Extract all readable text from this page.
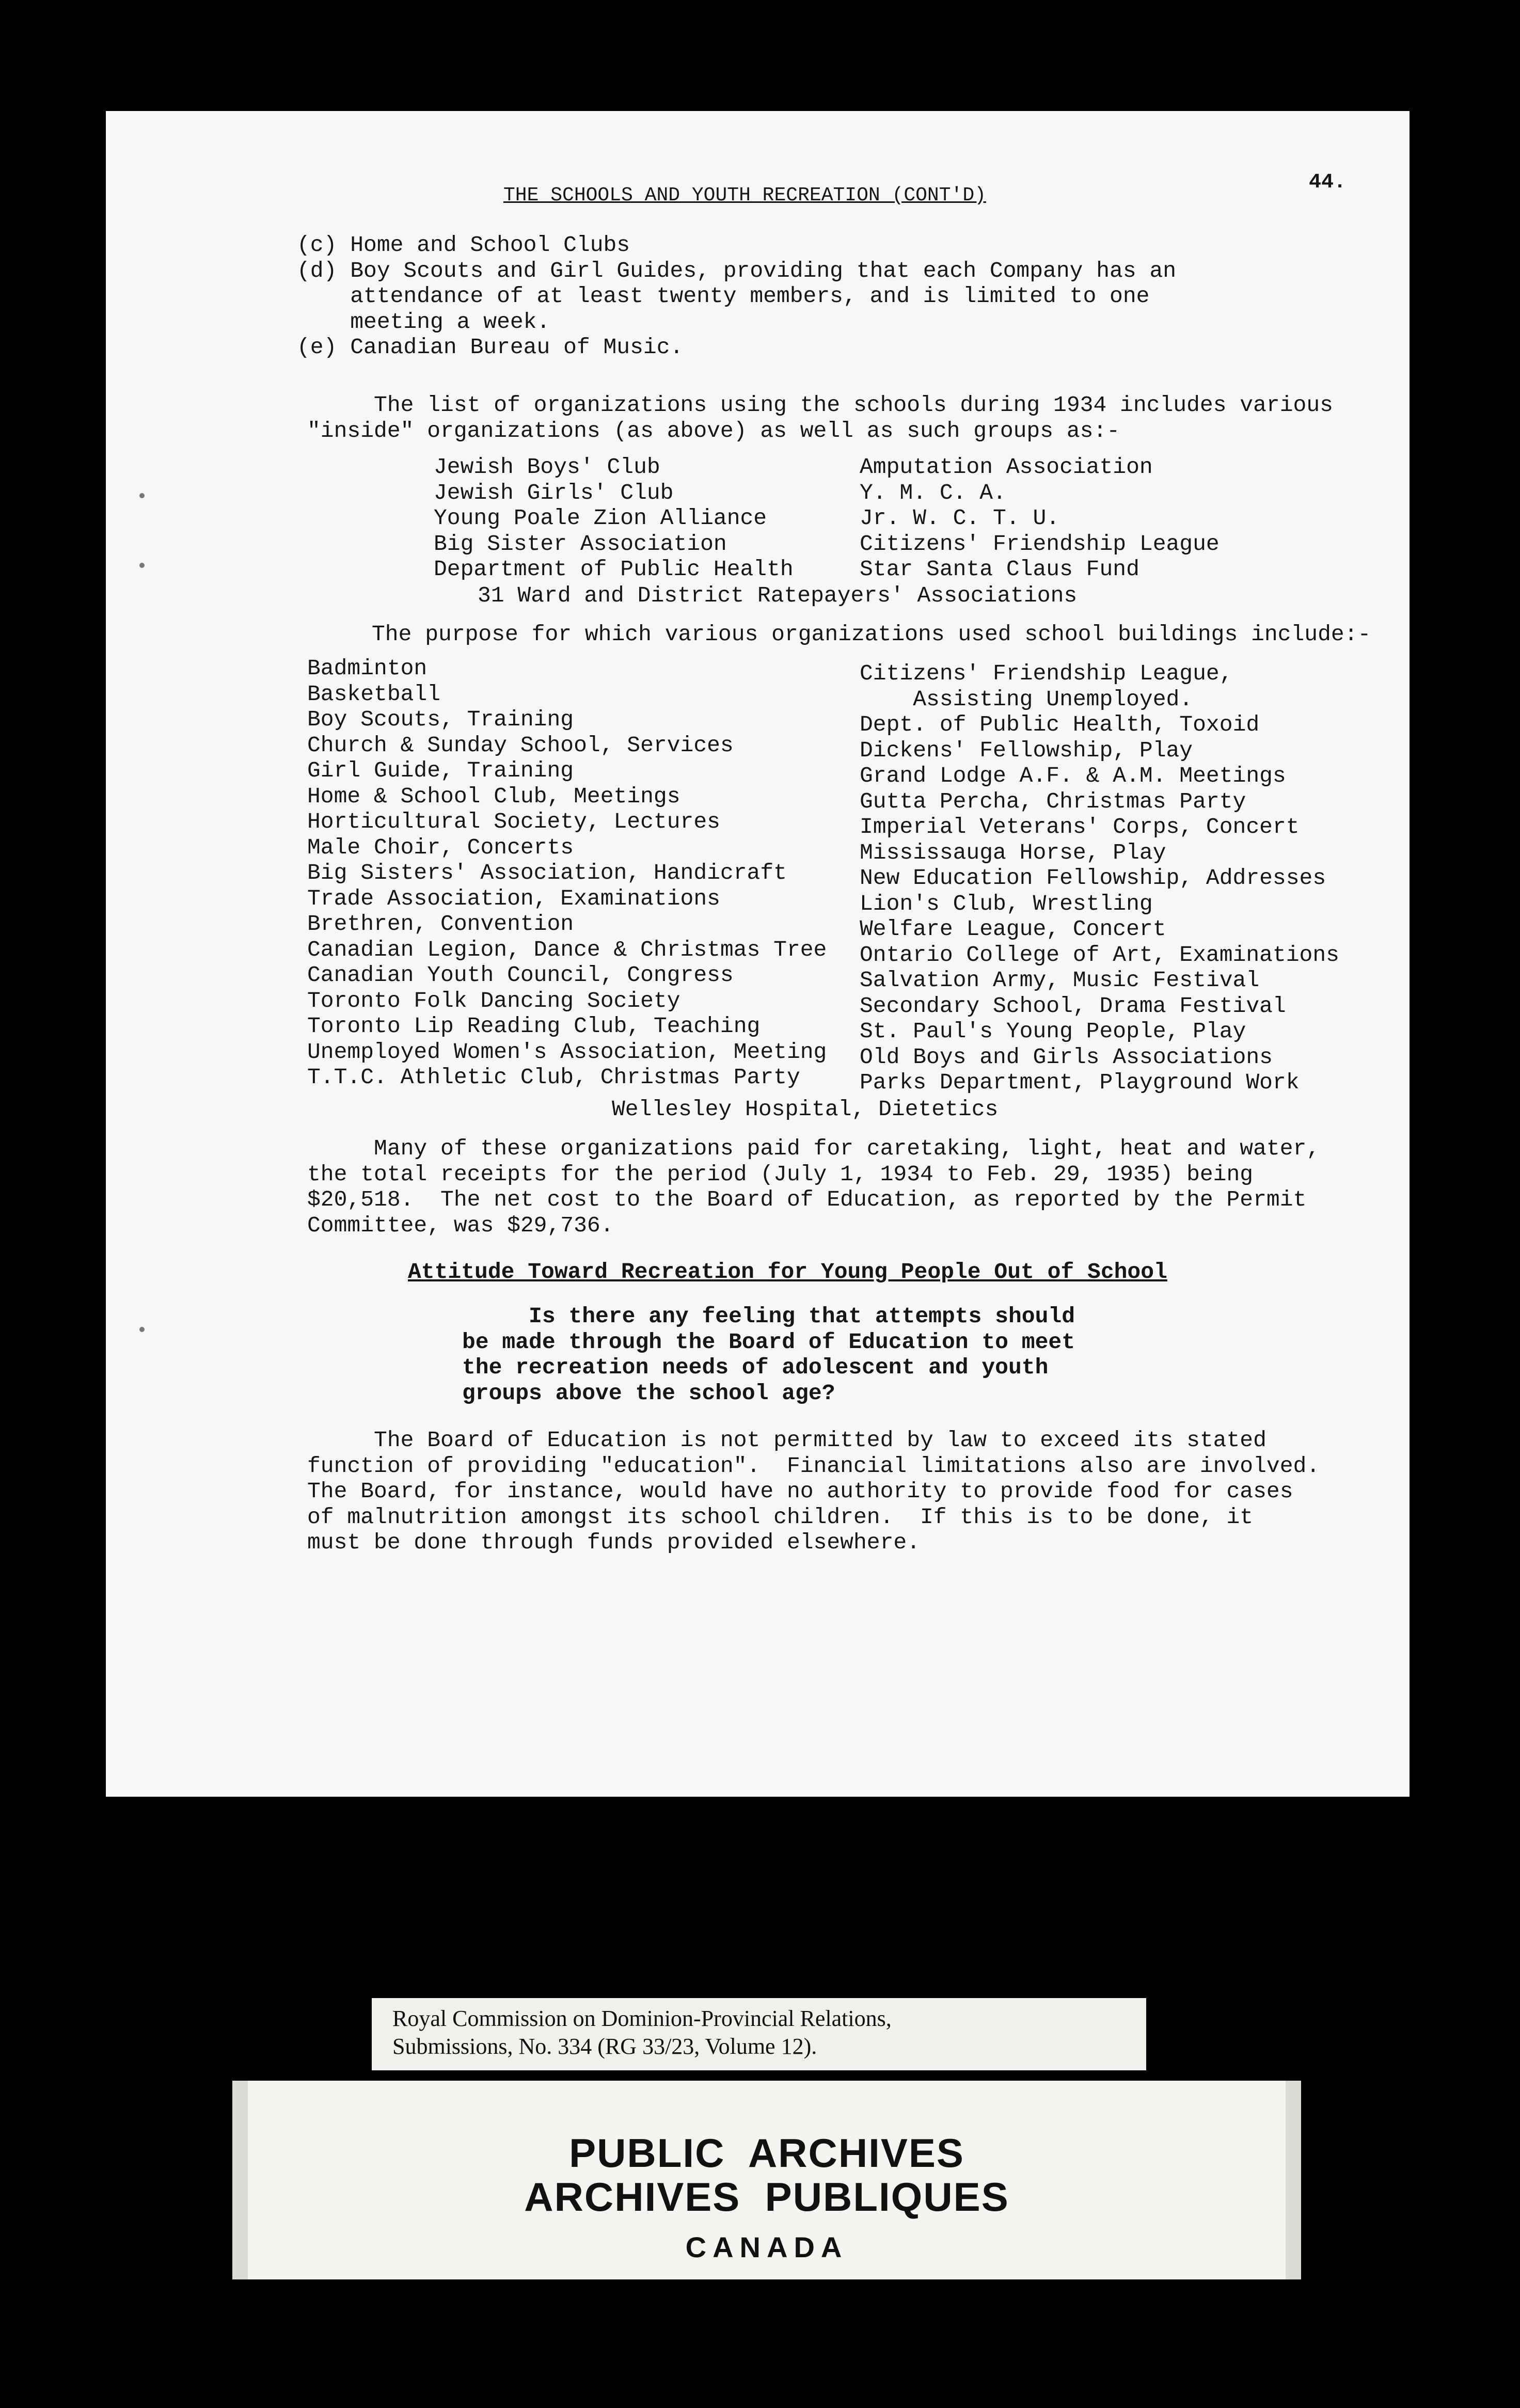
THE SCHOOLS AND YOUTH RECREATION (CONT'D)
44.
(c) Home and School Clubs
(d) Boy Scouts and Girl Guides, providing that each Company has an
attendance of at least twenty members, and is limited to one
meeting a week.
(e) Canadian Bureau of Music.

The list of organizations using the schools during 1934 includes various
"inside" organizations (as above) as well as such groups as:-

Jewish Boys' Club
Jewish Girls' Club
Young Poale Zion Alliance
Big Sister Association
Department of Public Health
Amputation Association
Y. M. C. A.
Jr. W. C. T. U.
Citizens' Friendship League
Star Santa Claus Fund
31 Ward and District Ratepayers' Associations
The purpose for which various organizations used school buildings include:-
Badminton
Basketball
Boy Scouts, Training
Church & Sunday School, Services
Girl Guide, Training
Home & School Club, Meetings
Horticultural Society, Lectures
Male Choir, Concerts
Big Sisters' Association, Handicraft
Trade Association, Examinations
Brethren, Convention
Canadian Legion, Dance & Christmas Tree
Canadian Youth Council, Congress
Toronto Folk Dancing Society
Toronto Lip Reading Club, Teaching
Unemployed Women's Association, Meeting
T.T.C. Athletic Club, Christmas Party
Citizens' Friendship League,
Assisting Unemployed.
Dept. of Public Health, Toxoid
Dickens' Fellowship, Play
Grand Lodge A.F. & A.M. Meetings
Gutta Percha, Christmas Party
Imperial Veterans' Corps, Concert
Mississauga Horse, Play
New Education Fellowship, Addresses
Lion's Club, Wrestling
Welfare League, Concert
Ontario College of Art, Examinations
Salvation Army, Music Festival
Secondary School, Drama Festival
St. Paul's Young People, Play
Old Boys and Girls Associations
Parks Department, Playground Work
Wellesley Hospital, Dietetics

Many of these organizations paid for caretaking, light, heat and water,
the total receipts for the period (July 1, 1934 to Feb. 29, 1935) being
$20,518.  The net cost to the Board of Education, as reported by the Permit
Committee, was $29,736.

Attitude Toward Recreation for Young People Out of School

Is there any feeling that attempts should
be made through the Board of Education to meet
the recreation needs of adolescent and youth
groups above the school age?

The Board of Education is not permitted by law to exceed its stated
function of providing "education".  Financial limitations also are involved.
The Board, for instance, would have no authority to provide food for cases
of malnutrition amongst its school children.  If this is to be done, it
must be done through funds provided elsewhere.

Royal Commission on Dominion-Provincial Relations,
Submissions, No. 334 (RG 33/23, Volume 12).
PUBLIC  ARCHIVES
ARCHIVES  PUBLIQUES
CANADA
